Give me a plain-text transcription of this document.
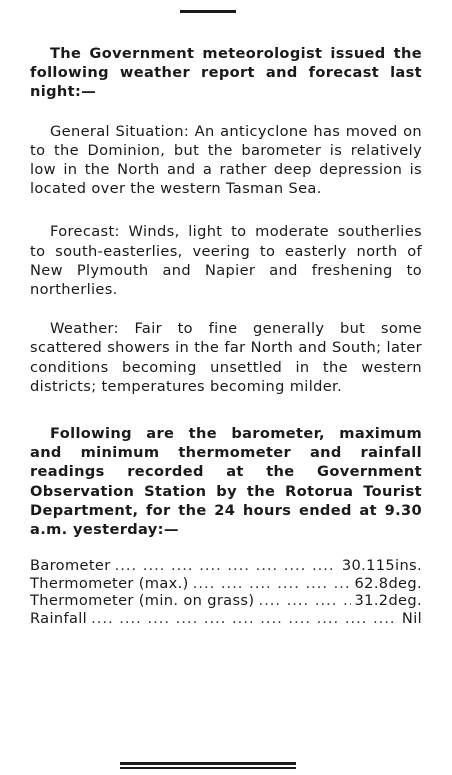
The Government meteorologist issued the following weather report and forecast last night:—

General Situation: An anticyclone has moved on to the Dominion, but the barometer is relatively low in the North and a rather deep depression is located over the western Tasman Sea.

Forecast: Winds, light to moderate southerlies to south-easterlies, veering to easterly north of New Plymouth and Napier and freshening to northerlies.

Weather: Fair to fine generally but some scattered showers in the far North and South; later conditions becoming unsettled in the western districts; temperatures becoming milder.

Following are the barometer, maximum and minimum thermometer and rainfall readings recorded at the Government Observation Station by the Rotorua Tourist Department, for the 24 hours ended at 9.30 a.m. yesterday:—

Barometer ....	30.115ins.
Thermometer (max.) ....	62.8deg.
Thermometer (min. on grass) ....	31.2deg.
Rainfall ....	Nil
